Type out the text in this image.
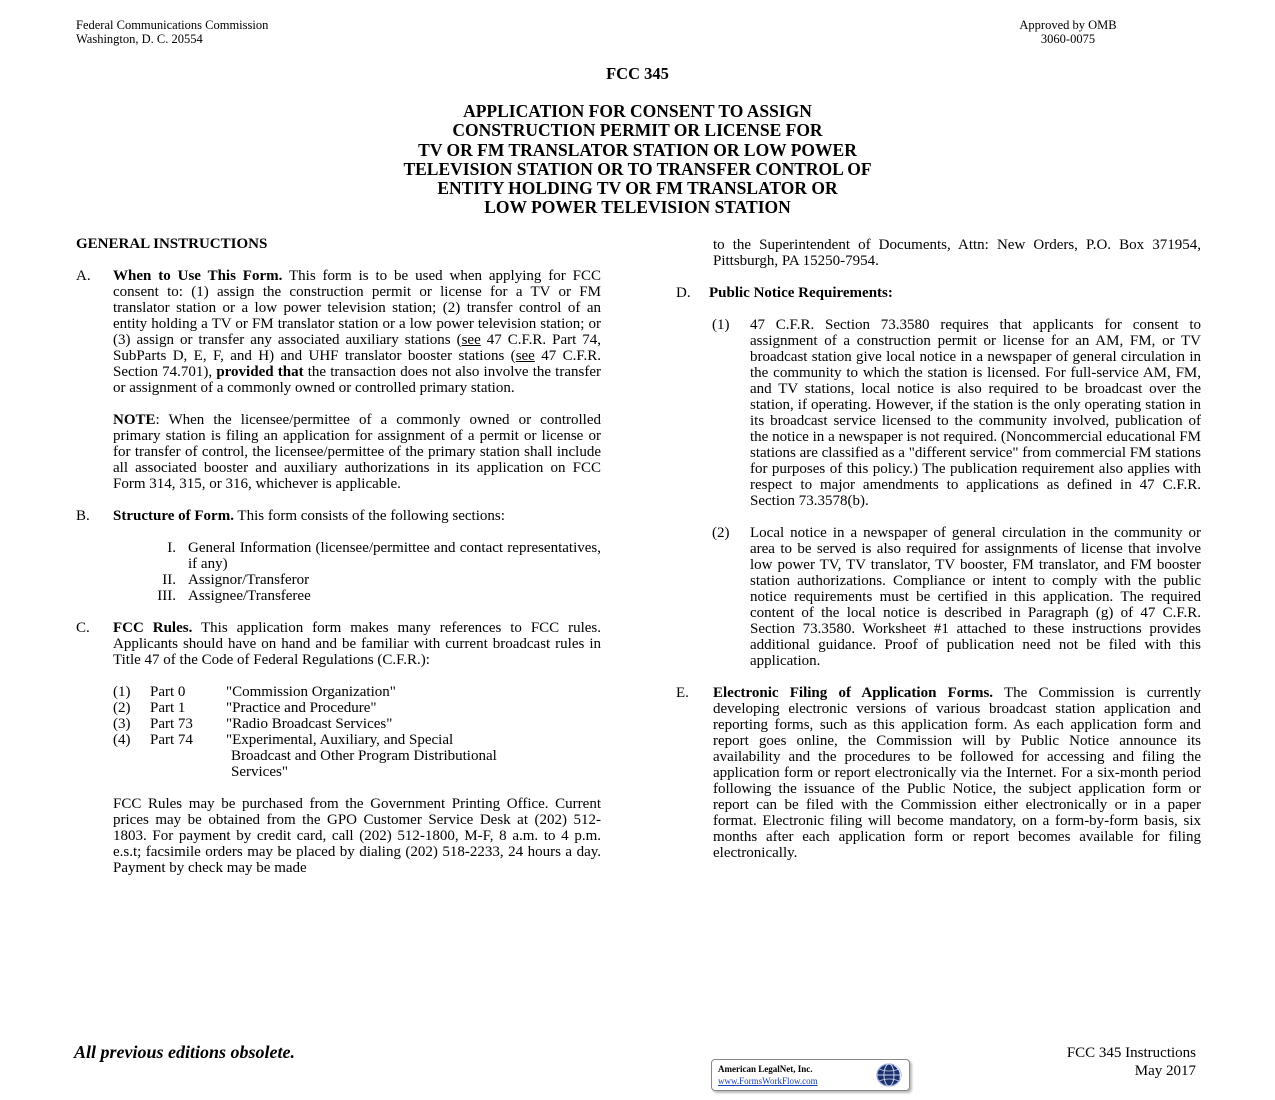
Federal Communications Commission
Washington, D. C. 20554
Approved by OMB
3060-0075
FCC 345
APPLICATION FOR CONSENT TO ASSIGN
CONSTRUCTION PERMIT OR LICENSE FOR
TV OR FM TRANSLATOR STATION OR LOW POWER
TELEVISION STATION OR TO TRANSFER CONTROL OF
ENTITY HOLDING TV OR FM TRANSLATOR OR
LOW POWER TELEVISION STATION
GENERAL INSTRUCTIONS
A. When to Use This Form. This form is to be used when applying for FCC consent to: (1) assign the construction permit or license for a TV or FM translator station or a low power television station; (2) transfer control of an entity holding a TV or FM translator station or a low power television station; or (3) assign or transfer any associated auxiliary stations (see 47 C.F.R. Part 74, SubParts D, E, F, and H) and UHF translator booster stations (see 47 C.F.R. Section 74.701), provided that the transaction does not also involve the transfer or assignment of a commonly owned or controlled primary station.
NOTE: When the licensee/permittee of a commonly owned or controlled primary station is filing an application for assignment of a permit or license or for transfer of control, the licensee/permittee of the primary station shall include all associated booster and auxiliary authorizations in its application on FCC Form 314, 315, or 316, whichever is applicable.
B. Structure of Form. This form consists of the following sections:
I. General Information (licensee/permittee and contact representatives, if any)
II. Assignor/Transferor
III. Assignee/Transferee
C. FCC Rules. This application form makes many references to FCC rules. Applicants should have on hand and be familiar with current broadcast rules in Title 47 of the Code of Federal Regulations (C.F.R.):
(1) Part 0	"Commission Organization"
(2) Part 1	"Practice and Procedure"
(3) Part 73 "Radio Broadcast Services"
(4) Part 74 "Experimental, Auxiliary, and Special
Broadcast and Other Program Distributional
Services"
FCC Rules may be purchased from the Government Printing Office. Current prices may be obtained from the GPO Customer Service Desk at (202) 512-1803. For payment by credit card, call (202) 512-1800, M-F, 8 a.m. to 4 p.m. e.s.t; facsimile orders may be placed by dialing (202) 518-2233, 24 hours a day. Payment by check may be made
to the Superintendent of Documents, Attn: New Orders, P.O. Box 371954, Pittsburgh, PA 15250-7954.
D. Public Notice Requirements:
(1) 47 C.F.R. Section 73.3580 requires that applicants for consent to assignment of a construction permit or license for an AM, FM, or TV broadcast station give local notice in a newspaper of general circulation in the community to which the station is licensed. For full-service AM, FM, and TV stations, local notice is also required to be broadcast over the station, if operating. However, if the station is the only operating station in its broadcast service licensed to the community involved, publication of the notice in a newspaper is not required. (Noncommercial educational FM stations are classified as a "different service" from commercial FM stations for purposes of this policy.) The publication requirement also applies with respect to major amendments to applications as defined in 47 C.F.R. Section 73.3578(b).
(2) Local notice in a newspaper of general circulation in the community or area to be served is also required for assignments of license that involve low power TV, TV translator, TV booster, FM translator, and FM booster station authorizations. Compliance or intent to comply with the public notice requirements must be certified in this application. The required content of the local notice is described in Paragraph (g) of 47 C.F.R. Section 73.3580. Worksheet #1 attached to these instructions provides additional guidance. Proof of publication need not be filed with this application.
E. Electronic Filing of Application Forms. The Commission is currently developing electronic versions of various broadcast station application and reporting forms, such as this application form. As each application form and report goes online, the Commission will by Public Notice announce its availability and the procedures to be followed for accessing and filing the application form or report electronically via the Internet. For a six-month period following the issuance of the Public Notice, the subject application form or report can be filed with the Commission either electronically or in a paper format. Electronic filing will become mandatory, on a form-by-form basis, six months after each application form or report becomes available for filing electronically.
All previous editions obsolete.	FCC 345 Instructions
May 2017
American LegalNet, Inc.
www.FormsWorkFlow.com
